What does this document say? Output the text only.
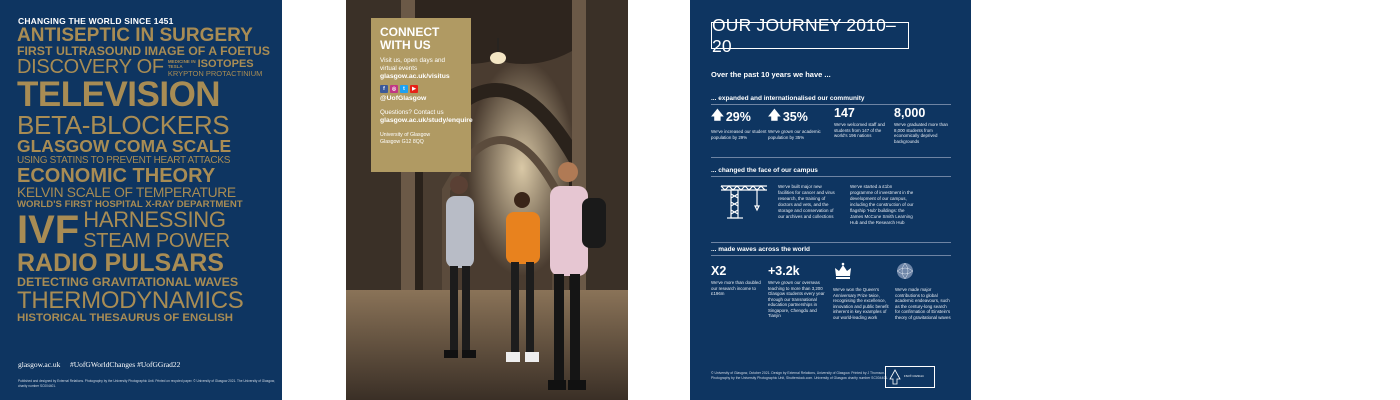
CHANGING THE WORLD SINCE 1451
ANTISEPTIC IN SURGERY
FIRST ULTRASOUND IMAGE OF A FOETUS
DISCOVERY OF MEDICINE IN
TESLA	ISOTOPES
KRYPTON PROTACTINIUM
TELEVISION
BETA-BLOCKERS
GLASGOW COMA SCALE
USING STATINS TO PREVENT HEART ATTACKS
ECONOMIC THEORY
KELVIN SCALE OF TEMPERATURE
WORLD'S FIRST HOSPITAL X-RAY DEPARTMENT
IVF HARNESSING
STEAM POWER
RADIO PULSARS
DETECTING GRAVITATIONAL WAVES
THERMODYNAMICS
HISTORICAL THESAURUS OF ENGLISH
glasgow.ac.uk #UofGWorldChanges #UofGGrad22
Published and designed by External Relations. Photography by the University Photographic Unit. Printed on recycled paper. © University of Glasgow 2021. The University of Glasgow, charity number SC004401.
CONNECT WITH US
Visit us, open days and virtual events
glasgow.ac.uk/visitus
f	◎	t	▶
@UofGlasgow
Questions? Contact us
glasgow.ac.uk/study/enquire
University of Glasgow
Glasgow G12 8QQ
OUR JOURNEY 2010–20
Over the past 10 years we have ...
... expanded and internationalised our community
🡅 29%
We've increased our student population by 29%
🡅 35%
We've grown our academic population by 35%
147
We've welcomed staff and students from 147 of the world's 196 nations
8,000
We've graduated more than 8,000 students from economically deprived backgrounds
... changed the face of our campus
We've built major new facilities for cancer and virus research, the training of doctors and vets, and the storage and conservation of our archives and collections
We've started a £1bn programme of investment in the development of our campus, including the construction of our flagship 'Hub' buildings: the James McCune Smith Learning Hub and the Research Hub
... made waves across the world
X2
We've more than doubled our research income to £196m
+3.2k
We've grown our overseas teaching to more than 3,200 Glasgow students every year through our transnational education partnerships in Singapore, Chengdu and Tianjin
We've won the Queen's Anniversary Prize twice, recognising the excellence, innovation and public benefit inherent in key examples of our world-leading work
We've made major contributions to global academic endeavours, such as the century-long search for confirmation of Einstein's theory of gravitational waves
© University of Glasgow, October 2021. Design by External Relations, University of Glasgow. Printed by J Thomson. Photography by the University Photographic Unit, Shutterstock.com. University of Glasgow charity number SC004401.	FSC® C023114
